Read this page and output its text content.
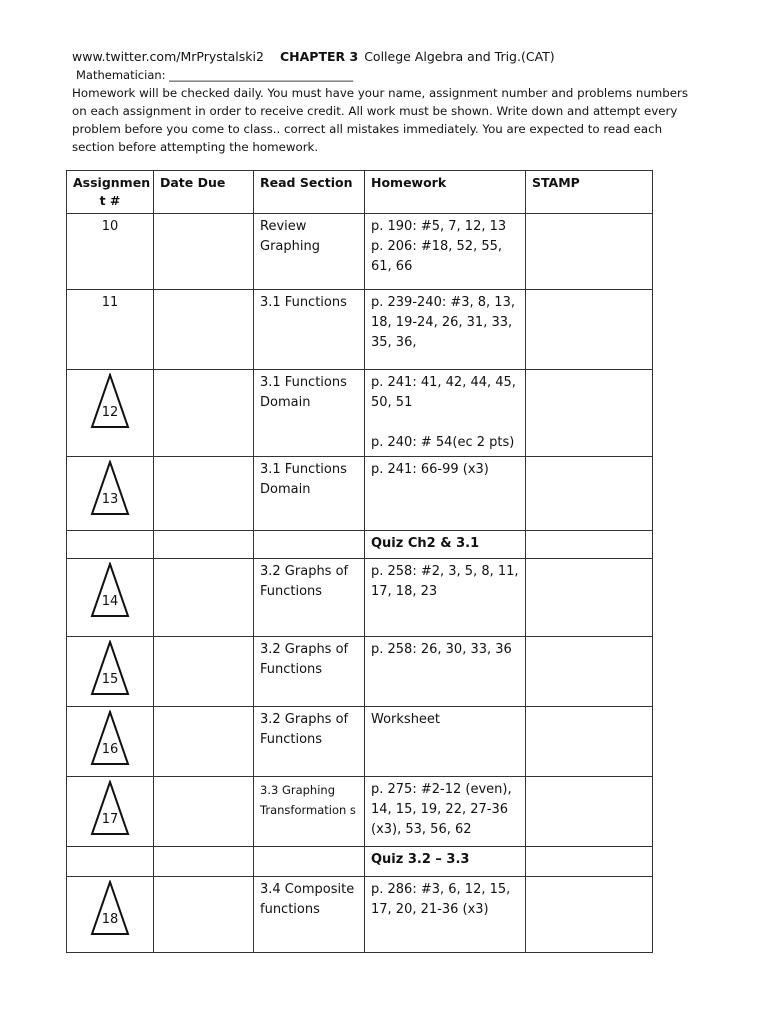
www.twitter.com/MrPrystalski2 CHAPTER 3 College Algebra and Trig.(CAT)
Mathematician: ________________________________
Homework will be checked daily. You must have your name, assignment number and problems numbers on each assignment in order to receive credit. All work must be shown. Write down and attempt every problem before you come to class.. correct all mistakes immediately. You are expected to read each section before attempting the homework.
Assignmen t #	Date Due	Read Section	Homework	STAMP
10		Review Graphing	p. 190: #5, 7, 12, 13
p. 206: #18, 52, 55, 61, 66	
11		3.1 Functions	p. 239-240: #3, 8, 13, 18, 19-24, 26, 31, 33, 35, 36,	

12		3.1 Functions Domain	p. 241: 41, 42, 44, 45, 50, 51

p. 240: # 54(ec 2 pts)	

13		3.1 Functions Domain	p. 241: 66-99 (x3)	
			Quiz Ch2 & 3.1	

14		3.2 Graphs of Functions	p. 258: #2, 3, 5, 8, 11, 17, 18, 23	

15		3.2 Graphs of Functions	p. 258: 26, 30, 33, 36	

16		3.2 Graphs of Functions	Worksheet	

17		3.3 Graphing Transformation s	p. 275: #2-12 (even), 14, 15, 19, 22, 27-36 (x3), 53, 56, 62	
			Quiz 3.2 – 3.3	

18		3.4 Composite functions	p. 286: #3, 6, 12, 15, 17, 20, 21-36 (x3)	
